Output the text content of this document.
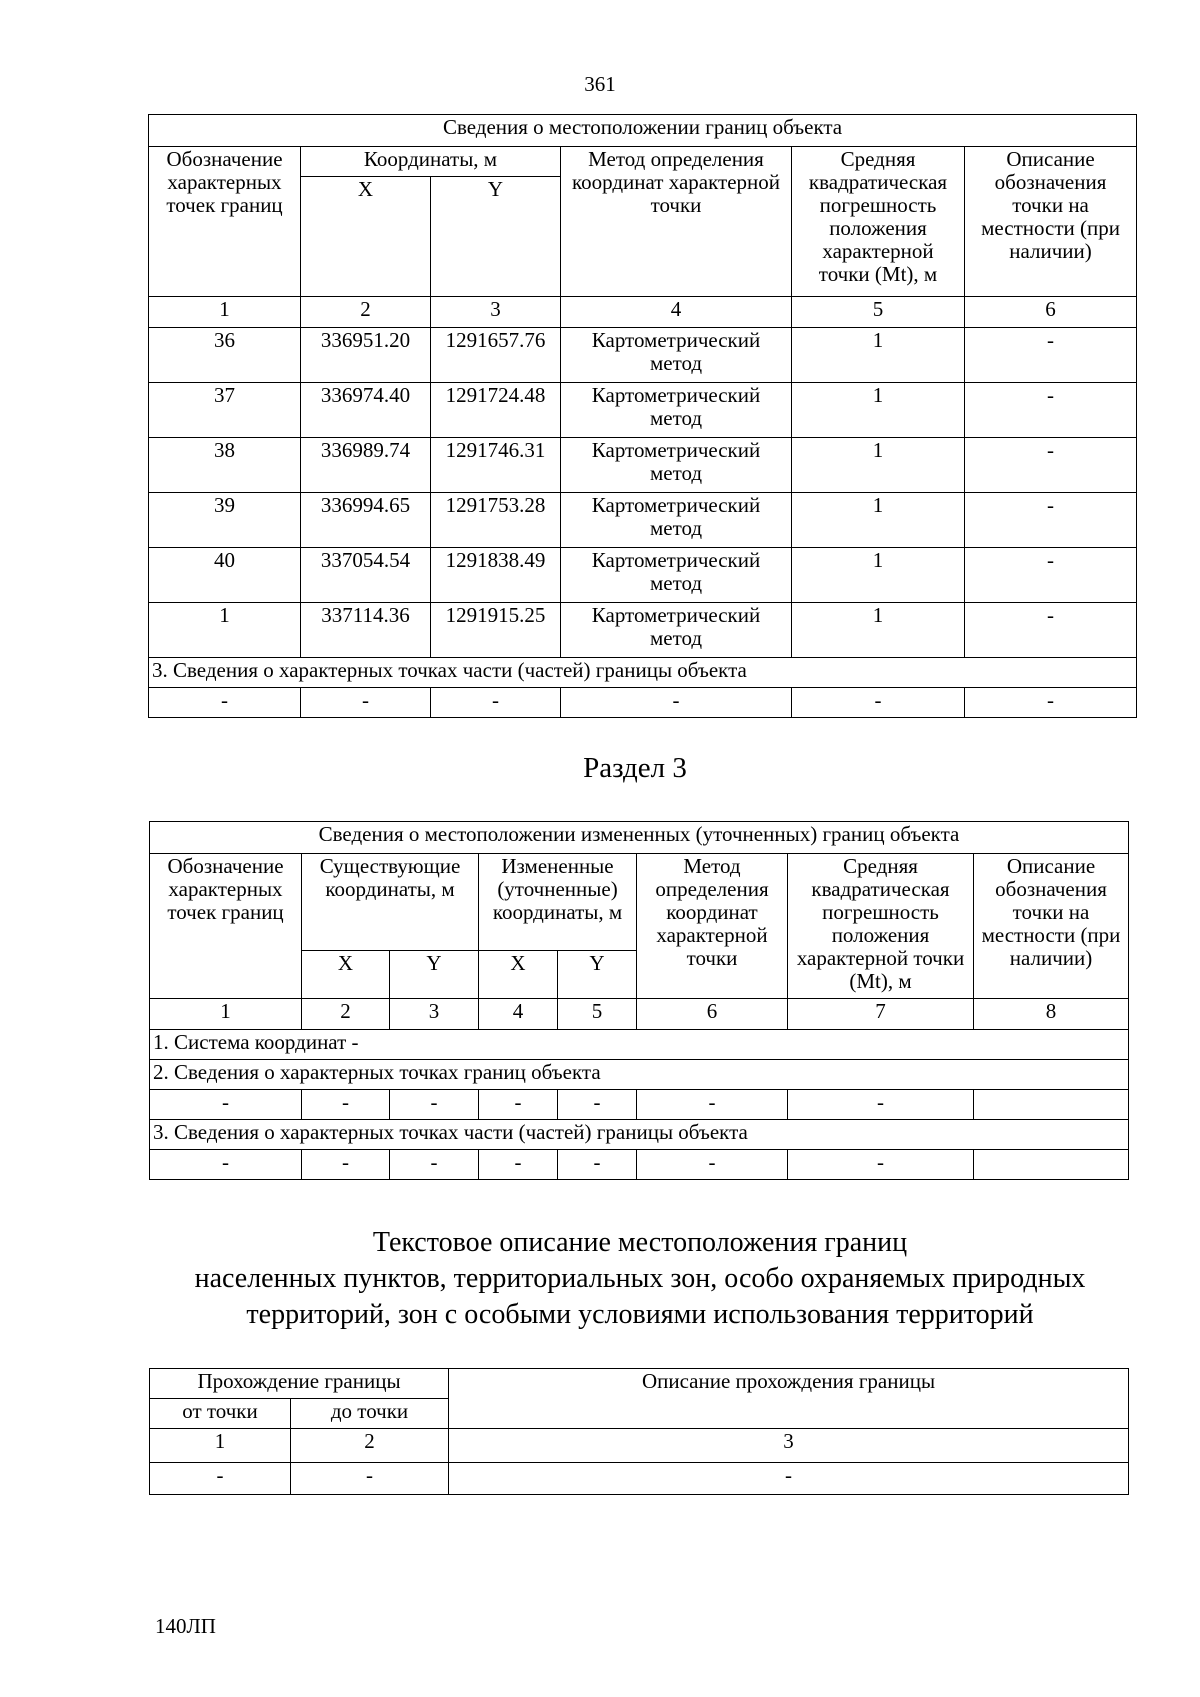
361
Сведения о местоположении границ объекта					
Обозначение характерных точек границ	Координаты, м		Метод определения координат характерной точки	Средняя квадратическая погрешность положения характерной точки (Mt), м	Описание обозначения точки на местности (при наличии)
	X	Y			
1	2	3	4	5	6
36	336951.20	1291657.76	Картометрический метод	1	-
37	336974.40	1291724.48	Картометрический метод	1	-
38	336989.74	1291746.31	Картометрический метод	1	-
39	336994.65	1291753.28	Картометрический метод	1	-
40	337054.54	1291838.49	Картометрический метод	1	-
1	337114.36	1291915.25	Картометрический метод	1	-
3. Сведения о характерных точках части (частей) границы объекта					
-	-	-	-	-	-
Раздел 3
Сведения о местоположении измененных (уточненных) границ объекта							
Обозначение характерных точек границ	Существующие координаты, м		Измененные (уточненные) координаты, м		Метод определения координат характерной точки	Средняя квадратическая погрешность положения характерной точки (Mt), м	Описание обозначения точки на местности (при наличии)
	X	Y	X	Y			
1	2	3	4	5	6	7	8
1. Система координат -							
2. Сведения о характерных точках границ объекта							
-	-	-	-	-	-	-	
3. Сведения о характерных точках части (частей) границы объекта							
-	-	-	-	-	-	-	
Текстовое описание местоположения границ
населенных пунктов, территориальных зон, особо охраняемых природных
территорий, зон с особыми условиями использования территорий
Прохождение границы		Описание прохождения границы
от точки	до точки	
1	2	3
-	-	-
140ЛП
